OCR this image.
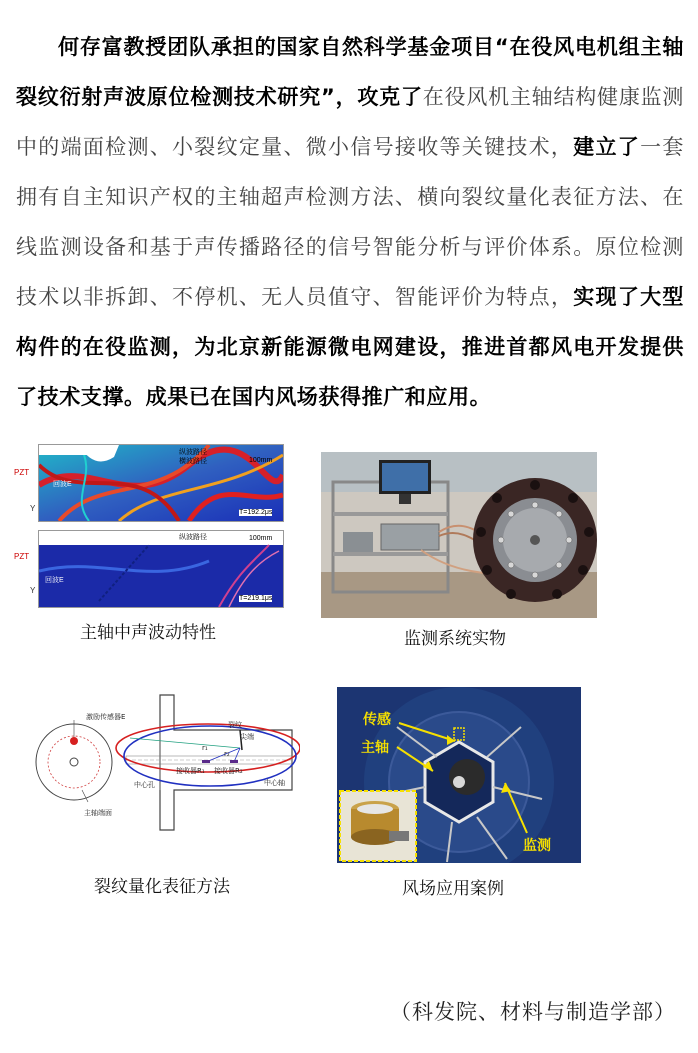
何存富教授团队承担的国家自然科学基金项目“在役风电机组主轴裂纹衍射声波原位检测技术研究”，攻克了在役风机主轴结构健康监测中的端面检测、小裂纹定量、微小信号接收等关键技术，建立了一套拥有自主知识产权的主轴超声检测方法、横向裂纹量化表征方法、在线监测设备和基于声传播路径的信号智能分析与评价体系。原位检测技术以非拆卸、不停机、无人员值守、智能评价为特点，实现了大型构件的在役监测，为北京新能源微电网建设，推进首都风电开发提供了技术支撑。成果已在国内风场获得推广和应用。
纵波路径
横波路径	100mm
回波E
T=192.2μs
纵波路径	100mm
回波E
T=219.1μs
PZT
Y
PZT
Y
主轴中声波动特性	监测系统实物
激励传感器E
主轴端面
裂纹
尖端
r₁
r₂
接收器R₁ 接收器R₂
中心孔	中心轴
裂纹量化表征方法
传感
主轴
监测
风场应用案例
（科发院、材料与制造学部）
